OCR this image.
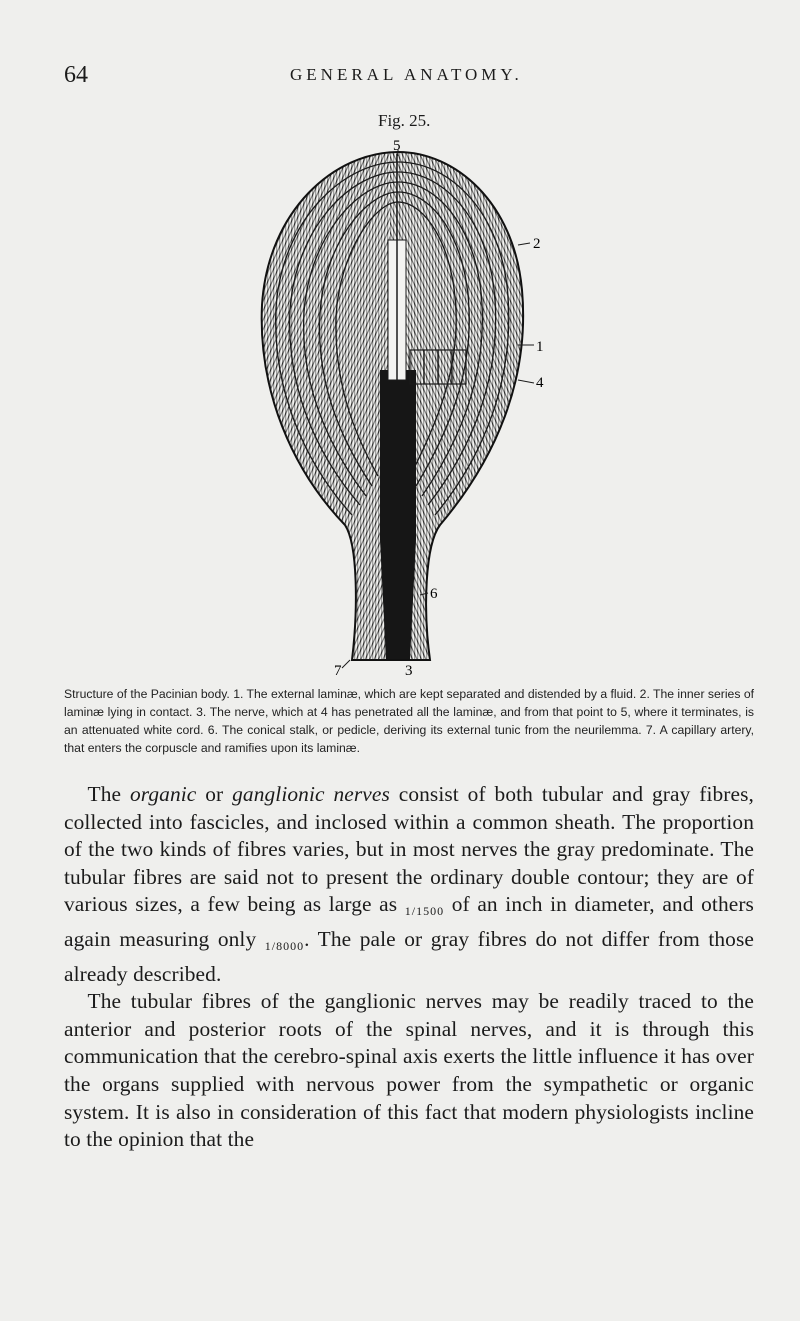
64	GENERAL ANATOMY.
Fig. 25.
5
2
1
4
6
7	3
Structure of the Pacinian body. 1. The external laminæ, which are kept separated and distended by a fluid. 2. The inner series of laminæ lying in contact. 3. The nerve, which at 4 has penetrated all the laminæ, and from that point to 5, where it terminates, is an attenuated white cord. 6. The conical stalk, or pedicle, deriving its external tunic from the neurilemma. 7. A capillary artery, that enters the corpuscle and ramifies upon its laminæ.

The organic or ganglionic nerves consist of both tubular and gray fibres, collected into fascicles, and inclosed within a common sheath. The proportion of the two kinds of fibres varies, but in most nerves the gray predominate. The tubular fibres are said not to present the ordinary double contour; they are of various sizes, a few being as large as 1/1500 of an inch in diameter, and others again measuring only 1/8000. The pale or gray fibres do not differ from those already described.

The tubular fibres of the ganglionic nerves may be readily traced to the anterior and posterior roots of the spinal nerves, and it is through this communication that the cerebro-spinal axis exerts the little influence it has over the organs supplied with nervous power from the sympathetic or organic system. It is also in consideration of this fact that modern physiologists incline to the opinion that the
